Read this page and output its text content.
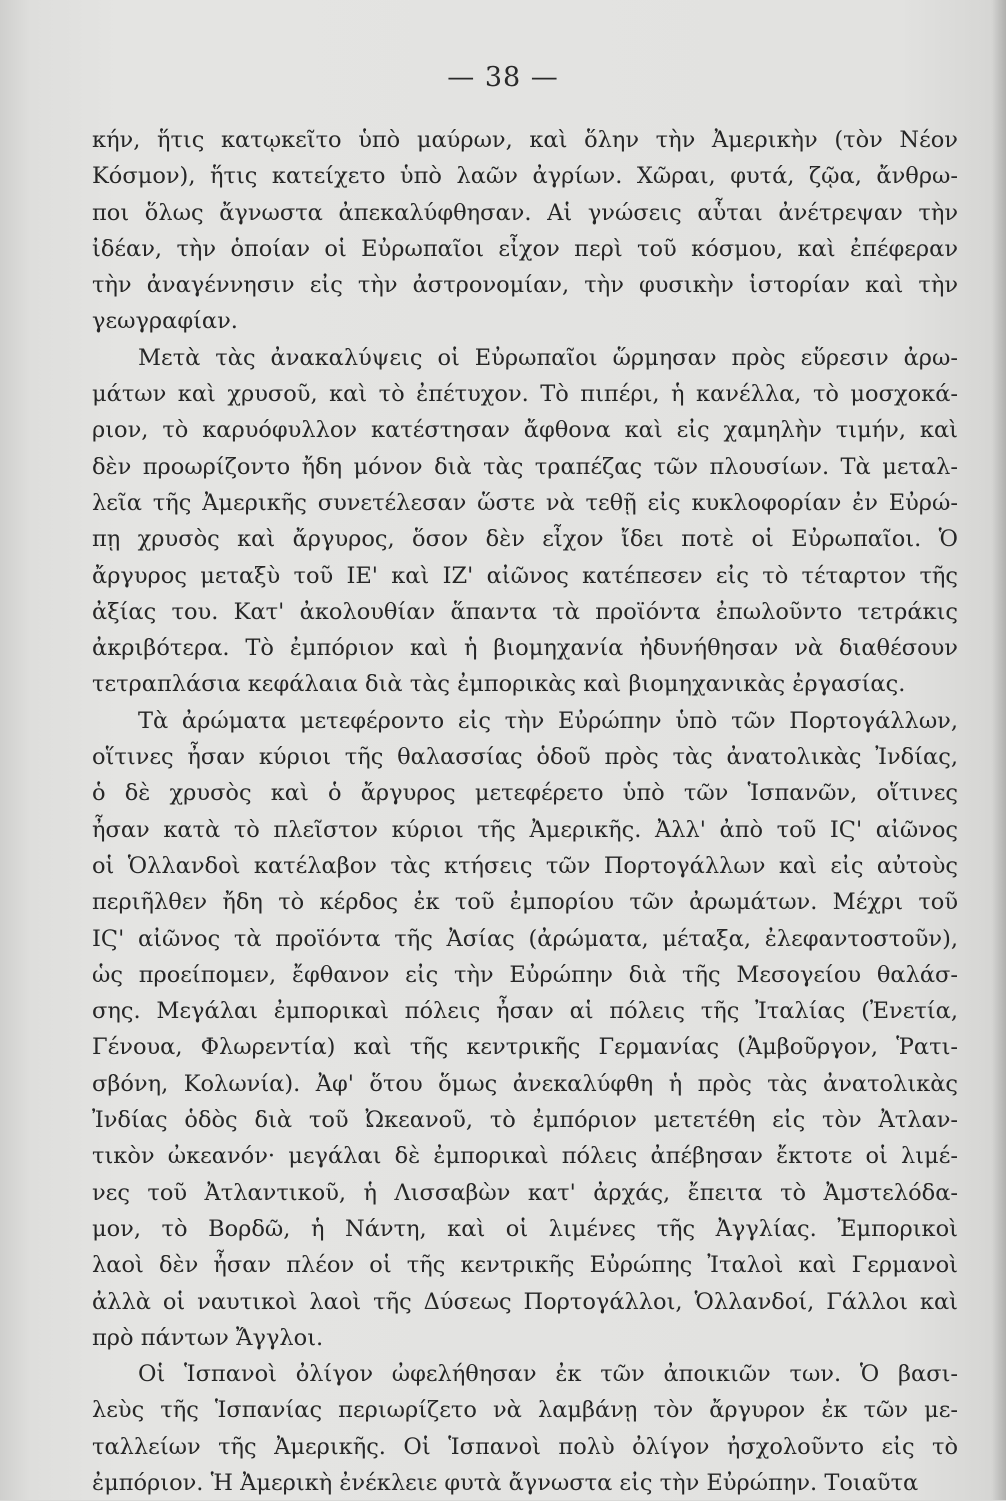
— 38 —

κήν, ἥτις κατῳκεῖτο ὑπὸ μαύρων, καὶ ὅλην τὴν Ἀμερικὴν (τὸν Νέον
Κόσμον), ἥτις κατείχετο ὑπὸ λαῶν ἀγρίων. Χῶραι, φυτά, ζῷα, ἄνθρω-
ποι ὅλως ἄγνωστα ἀπεκαλύφθησαν. Αἱ γνώσεις αὗται ἀνέτρεψαν τὴν
ἰδέαν, τὴν ὁποίαν οἱ Εὐρωπαῖοι εἶχον περὶ τοῦ κόσμου, καὶ ἐπέφεραν
τὴν ἀναγέννησιν εἰς τὴν ἀστρονομίαν, τὴν φυσικὴν ἱστορίαν καὶ τὴν
γεωγραφίαν.

Μετὰ τὰς ἀνακαλύψεις οἱ Εὐρωπαῖοι ὥρμησαν πρὸς εὕρεσιν ἀρω-
μάτων καὶ χρυσοῦ, καὶ τὸ ἐπέτυχον. Τὸ πιπέρι, ἡ κανέλλα, τὸ μοσχοκά-
ριον, τὸ καρυόφυλλον κατέστησαν ἄφθονα καὶ εἰς χαμηλὴν τιμήν, καὶ
δὲν προωρίζοντο ἤδη μόνον διὰ τὰς τραπέζας τῶν πλουσίων. Τὰ μεταλ-
λεῖα τῆς Ἀμερικῆς συνετέλεσαν ὥστε νὰ τεθῇ εἰς κυκλοφορίαν ἐν Εὐρώ-
πῃ χρυσὸς καὶ ἄργυρος, ὅσον δὲν εἶχον ἴδει ποτὲ οἱ Εὐρωπαῖοι. Ὁ
ἄργυρος μεταξὺ τοῦ ΙΕ' καὶ ΙΖ' αἰῶνος κατέπεσεν εἰς τὸ τέταρτον τῆς
ἀξίας του. Κατ' ἀκολουθίαν ἅπαντα τὰ προϊόντα ἐπωλοῦντο τετράκις
ἀκριβότερα. Τὸ ἐμπόριον καὶ ἡ βιομηχανία ἠδυνήθησαν νὰ διαθέσουν
τετραπλάσια κεφάλαια διὰ τὰς ἐμπορικὰς καὶ βιομηχανικὰς ἐργασίας.

Τὰ ἀρώματα μετεφέροντο εἰς τὴν Εὐρώπην ὑπὸ τῶν Πορτογάλλων,
οἵτινες ἦσαν κύριοι τῆς θαλασσίας ὁδοῦ πρὸς τὰς ἀνατολικὰς Ἰνδίας,
ὁ δὲ χρυσὸς καὶ ὁ ἄργυρος μετεφέρετο ὑπὸ τῶν Ἱσπανῶν, οἵτινες
ἦσαν κατὰ τὸ πλεῖστον κύριοι τῆς Ἀμερικῆς. Ἀλλ' ἀπὸ τοῦ ΙϚ' αἰῶνος
οἱ Ὁλλανδοὶ κατέλαβον τὰς κτήσεις τῶν Πορτογάλλων καὶ εἰς αὐτοὺς
περιῆλθεν ἤδη τὸ κέρδος ἐκ τοῦ ἐμπορίου τῶν ἀρωμάτων. Μέχρι τοῦ
ΙϚ' αἰῶνος τὰ προϊόντα τῆς Ἀσίας (ἀρώματα, μέταξα, ἐλεφαντοστοῦν),
ὡς προείπομεν, ἔφθανον εἰς τὴν Εὐρώπην διὰ τῆς Μεσογείου θαλάσ-
σης. Μεγάλαι ἐμπορικαὶ πόλεις ἦσαν αἱ πόλεις τῆς Ἰταλίας (Ἐνετία,
Γένουα, Φλωρεντία) καὶ τῆς κεντρικῆς Γερμανίας (Ἀμβοῦργον, Ῥατι-
σβόνη, Κολωνία). Ἀφ' ὅτου ὅμως ἀνεκαλύφθη ἡ πρὸς τὰς ἀνατολικὰς
Ἰνδίας ὁδὸς διὰ τοῦ Ὠκεανοῦ, τὸ ἐμπόριον μετετέθη εἰς τὸν Ἀτλαν-
τικὸν ὠκεανόν· μεγάλαι δὲ ἐμπορικαὶ πόλεις ἀπέβησαν ἔκτοτε οἱ λιμέ-
νες τοῦ Ἀτλαντικοῦ, ἡ Λισσαβὼν κατ' ἀρχάς, ἔπειτα τὸ Ἀμστελόδα-
μον, τὸ Βορδῶ, ἡ Νάντη, καὶ οἱ λιμένες τῆς Ἀγγλίας. Ἐμπορικοὶ
λαοὶ δὲν ἦσαν πλέον οἱ τῆς κεντρικῆς Εὐρώπης Ἰταλοὶ καὶ Γερμανοὶ
ἀλλὰ οἱ ναυτικοὶ λαοὶ τῆς Δύσεως Πορτογάλλοι, Ὁλλανδοί, Γάλλοι καὶ
πρὸ πάντων Ἄγγλοι.

Οἱ Ἱσπανοὶ ὀλίγον ὠφελήθησαν ἐκ τῶν ἀποικιῶν των. Ὁ βασι-
λεὺς τῆς Ἱσπανίας περιωρίζετο νὰ λαμβάνῃ τὸν ἄργυρον ἐκ τῶν με-
ταλλείων τῆς Ἀμερικῆς. Οἱ Ἱσπανοὶ πολὺ ὀλίγον ἠσχολοῦντο εἰς τὸ
ἐμπόριον. Ἡ Ἀμερικὴ ἐνέκλειε φυτὰ ἄγνωστα εἰς τὴν Εὐρώπην. Τοιαῦτα
